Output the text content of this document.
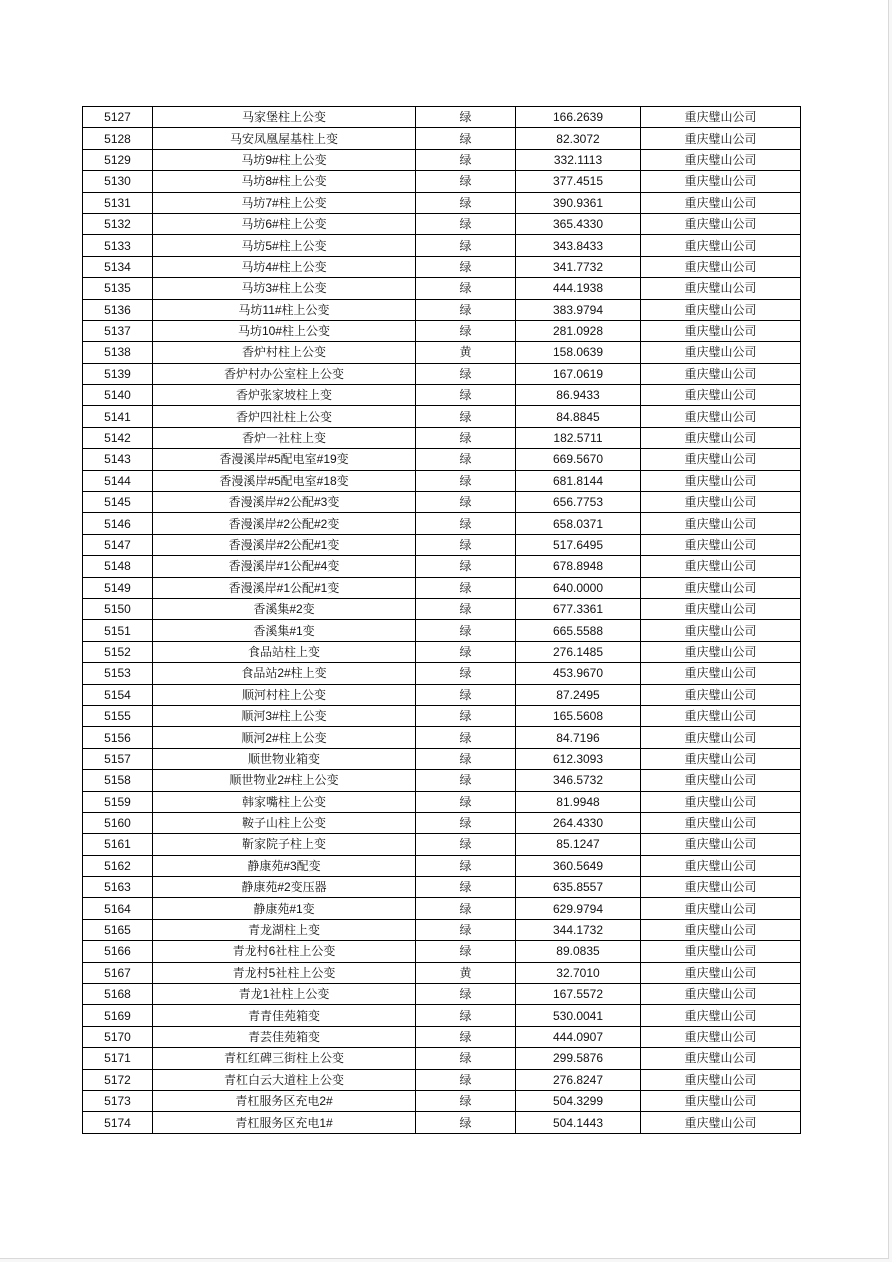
5127	马家堡柱上公变	绿	166.2639	重庆璧山公司
5128	马安凤凰屋基柱上变	绿	82.3072	重庆璧山公司
5129	马坊9#柱上公变	绿	332.1113	重庆璧山公司
5130	马坊8#柱上公变	绿	377.4515	重庆璧山公司
5131	马坊7#柱上公变	绿	390.9361	重庆璧山公司
5132	马坊6#柱上公变	绿	365.4330	重庆璧山公司
5133	马坊5#柱上公变	绿	343.8433	重庆璧山公司
5134	马坊4#柱上公变	绿	341.7732	重庆璧山公司
5135	马坊3#柱上公变	绿	444.1938	重庆璧山公司
5136	马坊11#柱上公变	绿	383.9794	重庆璧山公司
5137	马坊10#柱上公变	绿	281.0928	重庆璧山公司
5138	香炉村柱上公变	黄	158.0639	重庆璧山公司
5139	香炉村办公室柱上公变	绿	167.0619	重庆璧山公司
5140	香炉张家坡柱上变	绿	86.9433	重庆璧山公司
5141	香炉四社柱上公变	绿	84.8845	重庆璧山公司
5142	香炉一社柱上变	绿	182.5711	重庆璧山公司
5143	香漫溪岸#5配电室#19变	绿	669.5670	重庆璧山公司
5144	香漫溪岸#5配电室#18变	绿	681.8144	重庆璧山公司
5145	香漫溪岸#2公配#3变	绿	656.7753	重庆璧山公司
5146	香漫溪岸#2公配#2变	绿	658.0371	重庆璧山公司
5147	香漫溪岸#2公配#1变	绿	517.6495	重庆璧山公司
5148	香漫溪岸#1公配#4变	绿	678.8948	重庆璧山公司
5149	香漫溪岸#1公配#1变	绿	640.0000	重庆璧山公司
5150	香溪集#2变	绿	677.3361	重庆璧山公司
5151	香溪集#1变	绿	665.5588	重庆璧山公司
5152	食品站柱上变	绿	276.1485	重庆璧山公司
5153	食品站2#柱上变	绿	453.9670	重庆璧山公司
5154	顺河村柱上公变	绿	87.2495	重庆璧山公司
5155	顺河3#柱上公变	绿	165.5608	重庆璧山公司
5156	顺河2#柱上公变	绿	84.7196	重庆璧山公司
5157	顺世物业箱变	绿	612.3093	重庆璧山公司
5158	顺世物业2#柱上公变	绿	346.5732	重庆璧山公司
5159	韩家嘴柱上公变	绿	81.9948	重庆璧山公司
5160	鞍子山柱上公变	绿	264.4330	重庆璧山公司
5161	靳家院子柱上变	绿	85.1247	重庆璧山公司
5162	静康苑#3配变	绿	360.5649	重庆璧山公司
5163	静康苑#2变压器	绿	635.8557	重庆璧山公司
5164	静康苑#1变	绿	629.9794	重庆璧山公司
5165	青龙湖柱上变	绿	344.1732	重庆璧山公司
5166	青龙村6社柱上公变	绿	89.0835	重庆璧山公司
5167	青龙村5社柱上公变	黄	32.7010	重庆璧山公司
5168	青龙1社柱上公变	绿	167.5572	重庆璧山公司
5169	青青佳苑箱变	绿	530.0041	重庆璧山公司
5170	青芸佳苑箱变	绿	444.0907	重庆璧山公司
5171	青杠红碑三街柱上公变	绿	299.5876	重庆璧山公司
5172	青杠白云大道柱上公变	绿	276.8247	重庆璧山公司
5173	青杠服务区充电2#	绿	504.3299	重庆璧山公司
5174	青杠服务区充电1#	绿	504.1443	重庆璧山公司
